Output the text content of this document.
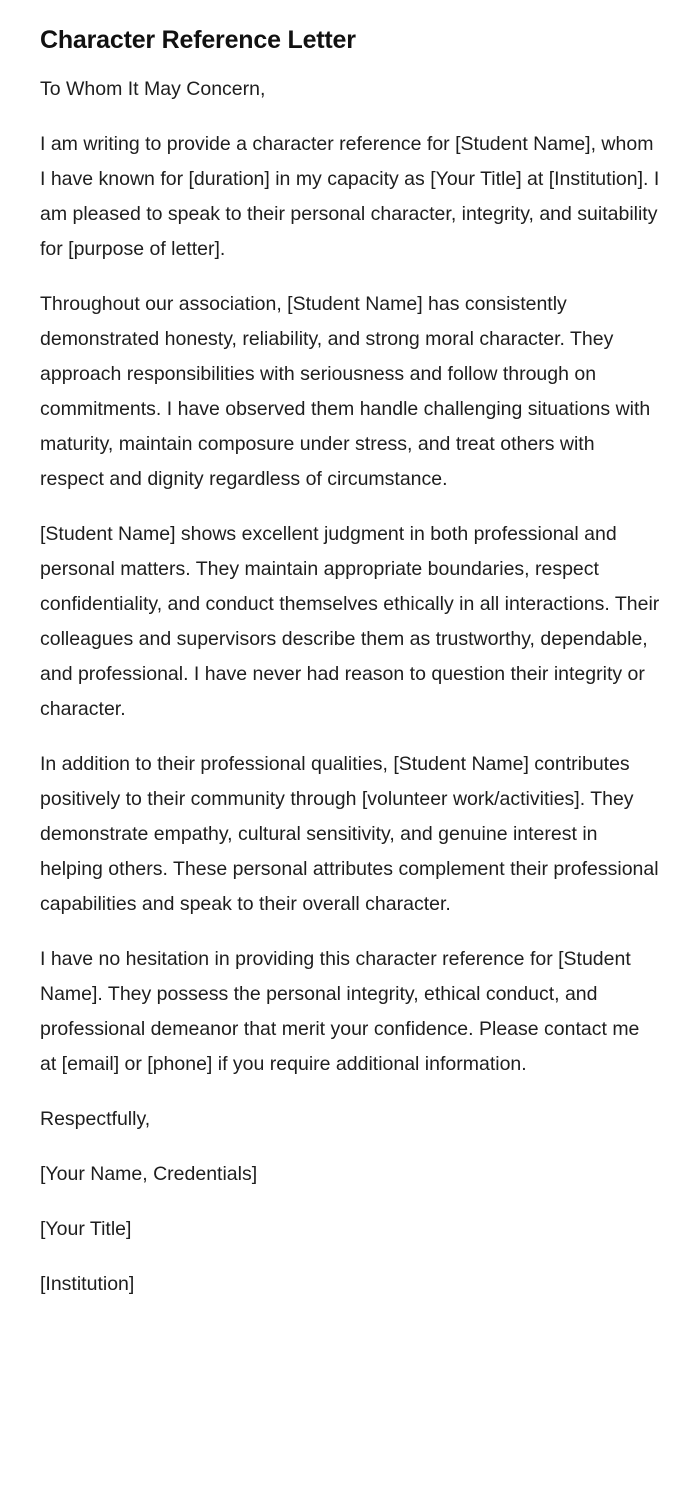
Character Reference Letter

To Whom It May Concern,

I am writing to provide a character reference for [Student Name], whom I have known for [duration] in my capacity as [Your Title] at [Institution]. I am pleased to speak to their personal character, integrity, and suitability for [purpose of letter].

Throughout our association, [Student Name] has consistently demonstrated honesty, reliability, and strong moral character. They approach responsibilities with seriousness and follow through on commitments. I have observed them handle challenging situations with maturity, maintain composure under stress, and treat others with respect and dignity regardless of circumstance.

[Student Name] shows excellent judgment in both professional and personal matters. They maintain appropriate boundaries, respect confidentiality, and conduct themselves ethically in all interactions. Their colleagues and supervisors describe them as trustworthy, dependable, and professional. I have never had reason to question their integrity or character.

In addition to their professional qualities, [Student Name] contributes positively to their community through [volunteer work/activities]. They demonstrate empathy, cultural sensitivity, and genuine interest in helping others. These personal attributes complement their professional capabilities and speak to their overall character.

I have no hesitation in providing this character reference for [Student Name]. They possess the personal integrity, ethical conduct, and professional demeanor that merit your confidence. Please contact me at [email] or [phone] if you require additional information.

Respectfully,

[Your Name, Credentials]

[Your Title]

[Institution]
